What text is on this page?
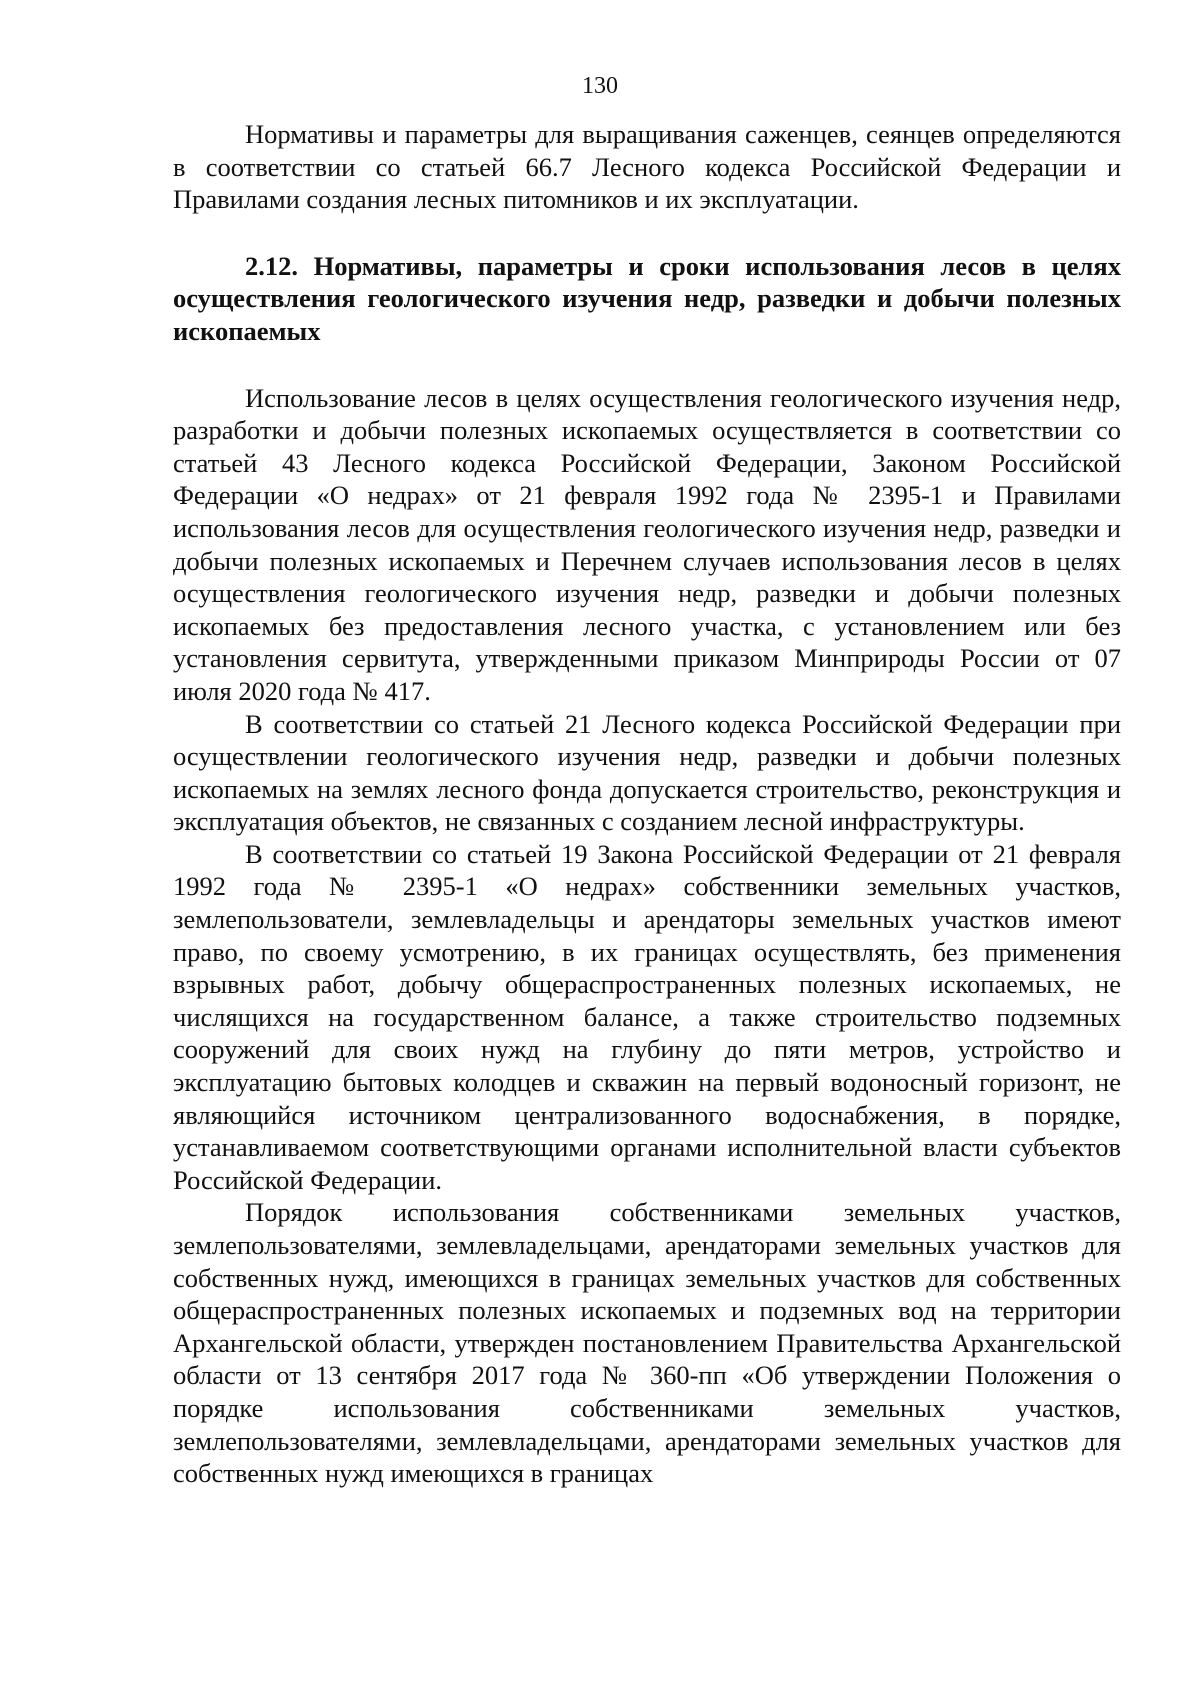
130

Нормативы и параметры для выращивания саженцев, сеянцев определяются в соответствии со статьей 66.7 Лесного кодекса Российской Федерации и Правилами создания лесных питомников и их эксплуатации.

2.12. Нормативы, параметры и сроки использования лесов в целях осуществления геологического изучения недр, разведки и добычи полезных ископаемых

Использование лесов в целях осуществления геологического изучения недр, разработки и добычи полезных ископаемых осуществляется в соответствии со статьей 43 Лесного кодекса Российской Федерации, Законом Российской Федерации «О недрах» от 21 февраля 1992 года № 2395-1 и Правилами использования лесов для осуществления геологического изучения недр, разведки и добычи полезных ископаемых и Перечнем случаев использования лесов в целях осуществления геологического изучения недр, разведки и добычи полезных ископаемых без предоставления лесного участка, с установлением или без установления сервитута, утвержденными приказом Минприроды России от 07 июля 2020 года № 417.

В соответствии со статьей 21 Лесного кодекса Российской Федерации при осуществлении геологического изучения недр, разведки и добычи полезных ископаемых на землях лесного фонда допускается строительство, реконструкция и эксплуатация объектов, не связанных с созданием лесной инфраструктуры.

В соответствии со статьей 19 Закона Российской Федерации от 21 февраля 1992 года № 2395-1 «О недрах» собственники земельных участков, землепользователи, землевладельцы и арендаторы земельных участков имеют право, по своему усмотрению, в их границах осуществлять, без применения взрывных работ, добычу общераспространенных полезных ископаемых, не числящихся на государственном балансе, а также строительство подземных сооружений для своих нужд на глубину до пяти метров, устройство и эксплуатацию бытовых колодцев и скважин на первый водоносный горизонт, не являющийся источником централизованного водоснабжения, в порядке, устанавливаемом соответствующими органами исполнительной власти субъектов Российской Федерации.

Порядок использования собственниками земельных участков, землепользователями, землевладельцами, арендаторами земельных участков для собственных нужд, имеющихся в границах земельных участков для собственных общераспространенных полезных ископаемых и подземных вод на территории Архангельской области, утвержден постановлением Правительства Архангельской области от 13 сентября 2017 года № 360-пп «Об утверждении Положения о порядке использования собственниками земельных участков, землепользователями, землевладельцами, арендаторами земельных участков для собственных нужд имеющихся в границах
